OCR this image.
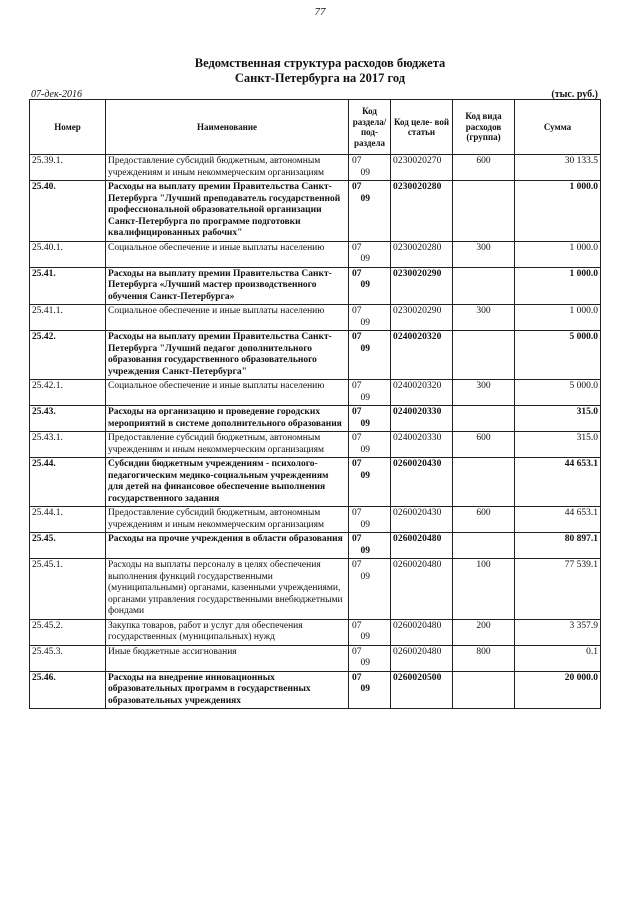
77
Ведомственная структура расходов бюджета
Санкт-Петербурга на 2017 год
07-дек-2016	(тыс. руб.)
Номер	Наименование	Код раздела/ под- раздела	Код целе- вой статьи	Код вида расходов (группа)	Сумма
25.39.1.	Предоставление субсидий бюджетным, автономным учреждениям и иным некоммерческим организациям	0709	0230020270	600	30 133.5
25.40.	Расходы на выплату премии Правительства Санкт-Петербурга "Лучший преподаватель государственной профессиональной образовательной организации Санкт-Петербурга по программе подготовки квалифицированных рабочих"	0709	0230020280		1 000.0
25.40.1.	Социальное обеспечение и иные выплаты населению	0709	0230020280	300	1 000.0
25.41.	Расходы на выплату премии Правительства Санкт-Петербурга «Лучший мастер производственного обучения Санкт-Петербурга»	0709	0230020290		1 000.0
25.41.1.	Социальное обеспечение и иные выплаты населению	0709	0230020290	300	1 000.0
25.42.	Расходы на выплату премии Правительства Санкт-Петербурга "Лучший педагог дополнительного образования государственного образовательного учреждения Санкт-Петербурга"	0709	0240020320		5 000.0
25.42.1.	Социальное обеспечение и иные выплаты населению	0709	0240020320	300	5 000.0
25.43.	Расходы на организацию и проведение городских мероприятий в системе дополнительного образования	0709	0240020330		315.0
25.43.1.	Предоставление субсидий бюджетным, автономным учреждениям и иным некоммерческим организациям	0709	0240020330	600	315.0
25.44.	Субсидии бюджетным учреждениям - психолого-педагогическим медико-социальным учреждениям для детей на финансовое обеспечение выполнения государственного задания	0709	0260020430		44 653.1
25.44.1.	Предоставление субсидий бюджетным, автономным учреждениям и иным некоммерческим организациям	0709	0260020430	600	44 653.1
25.45.	Расходы на прочие учреждения в области образования	0709	0260020480		80 897.1
25.45.1.	Расходы на выплаты персоналу в целях обеспечения выполнения функций государственными (муниципальными) органами, казенными учреждениями, органами управления государственными внебюджетными фондами	0709	0260020480	100	77 539.1
25.45.2.	Закупка товаров, работ и услуг для обеспечения государственных (муниципальных) нужд	0709	0260020480	200	3 357.9
25.45.3.	Иные бюджетные ассигнования	0709	0260020480	800	0.1
25.46.	Расходы на внедрение инновационных образовательных программ в государственных образовательных учреждениях	0709	0260020500		20 000.0
